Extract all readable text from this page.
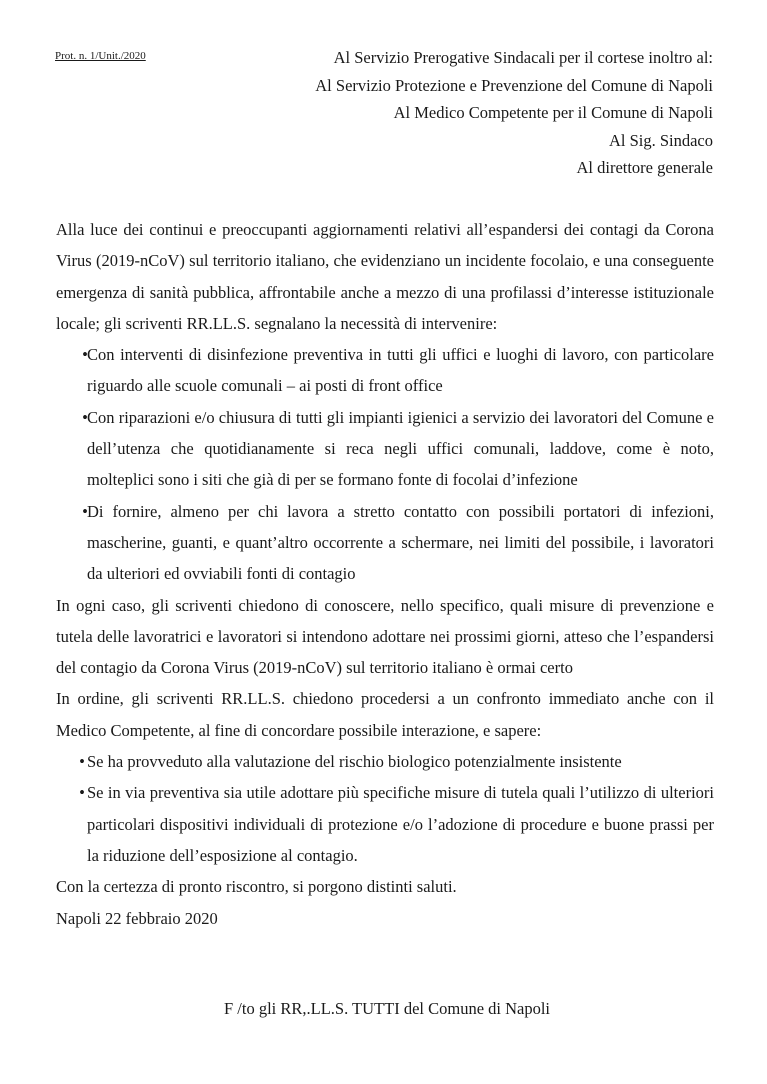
Prot. n. 1/Unit./2020	Al Servizio Prerogative Sindacali per il cortese inoltro al:
Al Servizio Protezione e Prevenzione del Comune di Napoli
Al Medico Competente per il Comune di Napoli
Al Sig. Sindaco
Al direttore generale

Alla luce dei continui e preoccupanti aggiornamenti relativi all’espandersi dei contagi da Corona Virus (2019-nCoV) sul territorio italiano, che evidenziano un incidente focolaio, e una conseguente emergenza di sanità pubblica, affrontabile anche a mezzo di una profilassi d’interesse istituzionale locale; gli scriventi RR.LL.S. segnalano la necessità di intervenire:

• Con interventi di disinfezione preventiva in tutti gli uffici e luoghi di lavoro, con particolare riguardo alle scuole comunali – ai posti di front office
• Con riparazioni e/o chiusura di tutti gli impianti igienici a servizio dei lavoratori del Comune e dell’utenza che quotidianamente si reca negli uffici comunali, laddove, come è noto, molteplici sono i siti che già di per se formano fonte di focolai d’infezione
• Di fornire, almeno per chi lavora a stretto contatto con possibili portatori di infezioni, mascherine, guanti, e quant’altro occorrente a schermare, nei limiti del possibile, i lavoratori da ulteriori ed ovviabili fonti di contagio

In ogni caso, gli scriventi chiedono di conoscere, nello specifico, quali misure di prevenzione e tutela delle lavoratrici e lavoratori si intendono adottare nei prossimi giorni, atteso che l’espandersi del contagio da Corona Virus (2019-nCoV) sul territorio italiano è ormai certo

In ordine, gli scriventi RR.LL.S. chiedono procedersi a un confronto immediato anche con il Medico Competente, al fine di concordare possibile interazione, e sapere:

• Se ha provveduto alla valutazione del rischio biologico potenzialmente insistente
• Se in via preventiva sia utile adottare più specifiche misure di tutela quali l’utilizzo di ulteriori particolari dispositivi individuali di protezione e/o l’adozione di procedure e buone prassi per la riduzione dell’esposizione al contagio.

Con la certezza di pronto riscontro, si porgono distinti saluti.

Napoli 22 febbraio 2020

F /to gli RR,.LL.S. TUTTI del Comune di Napoli
